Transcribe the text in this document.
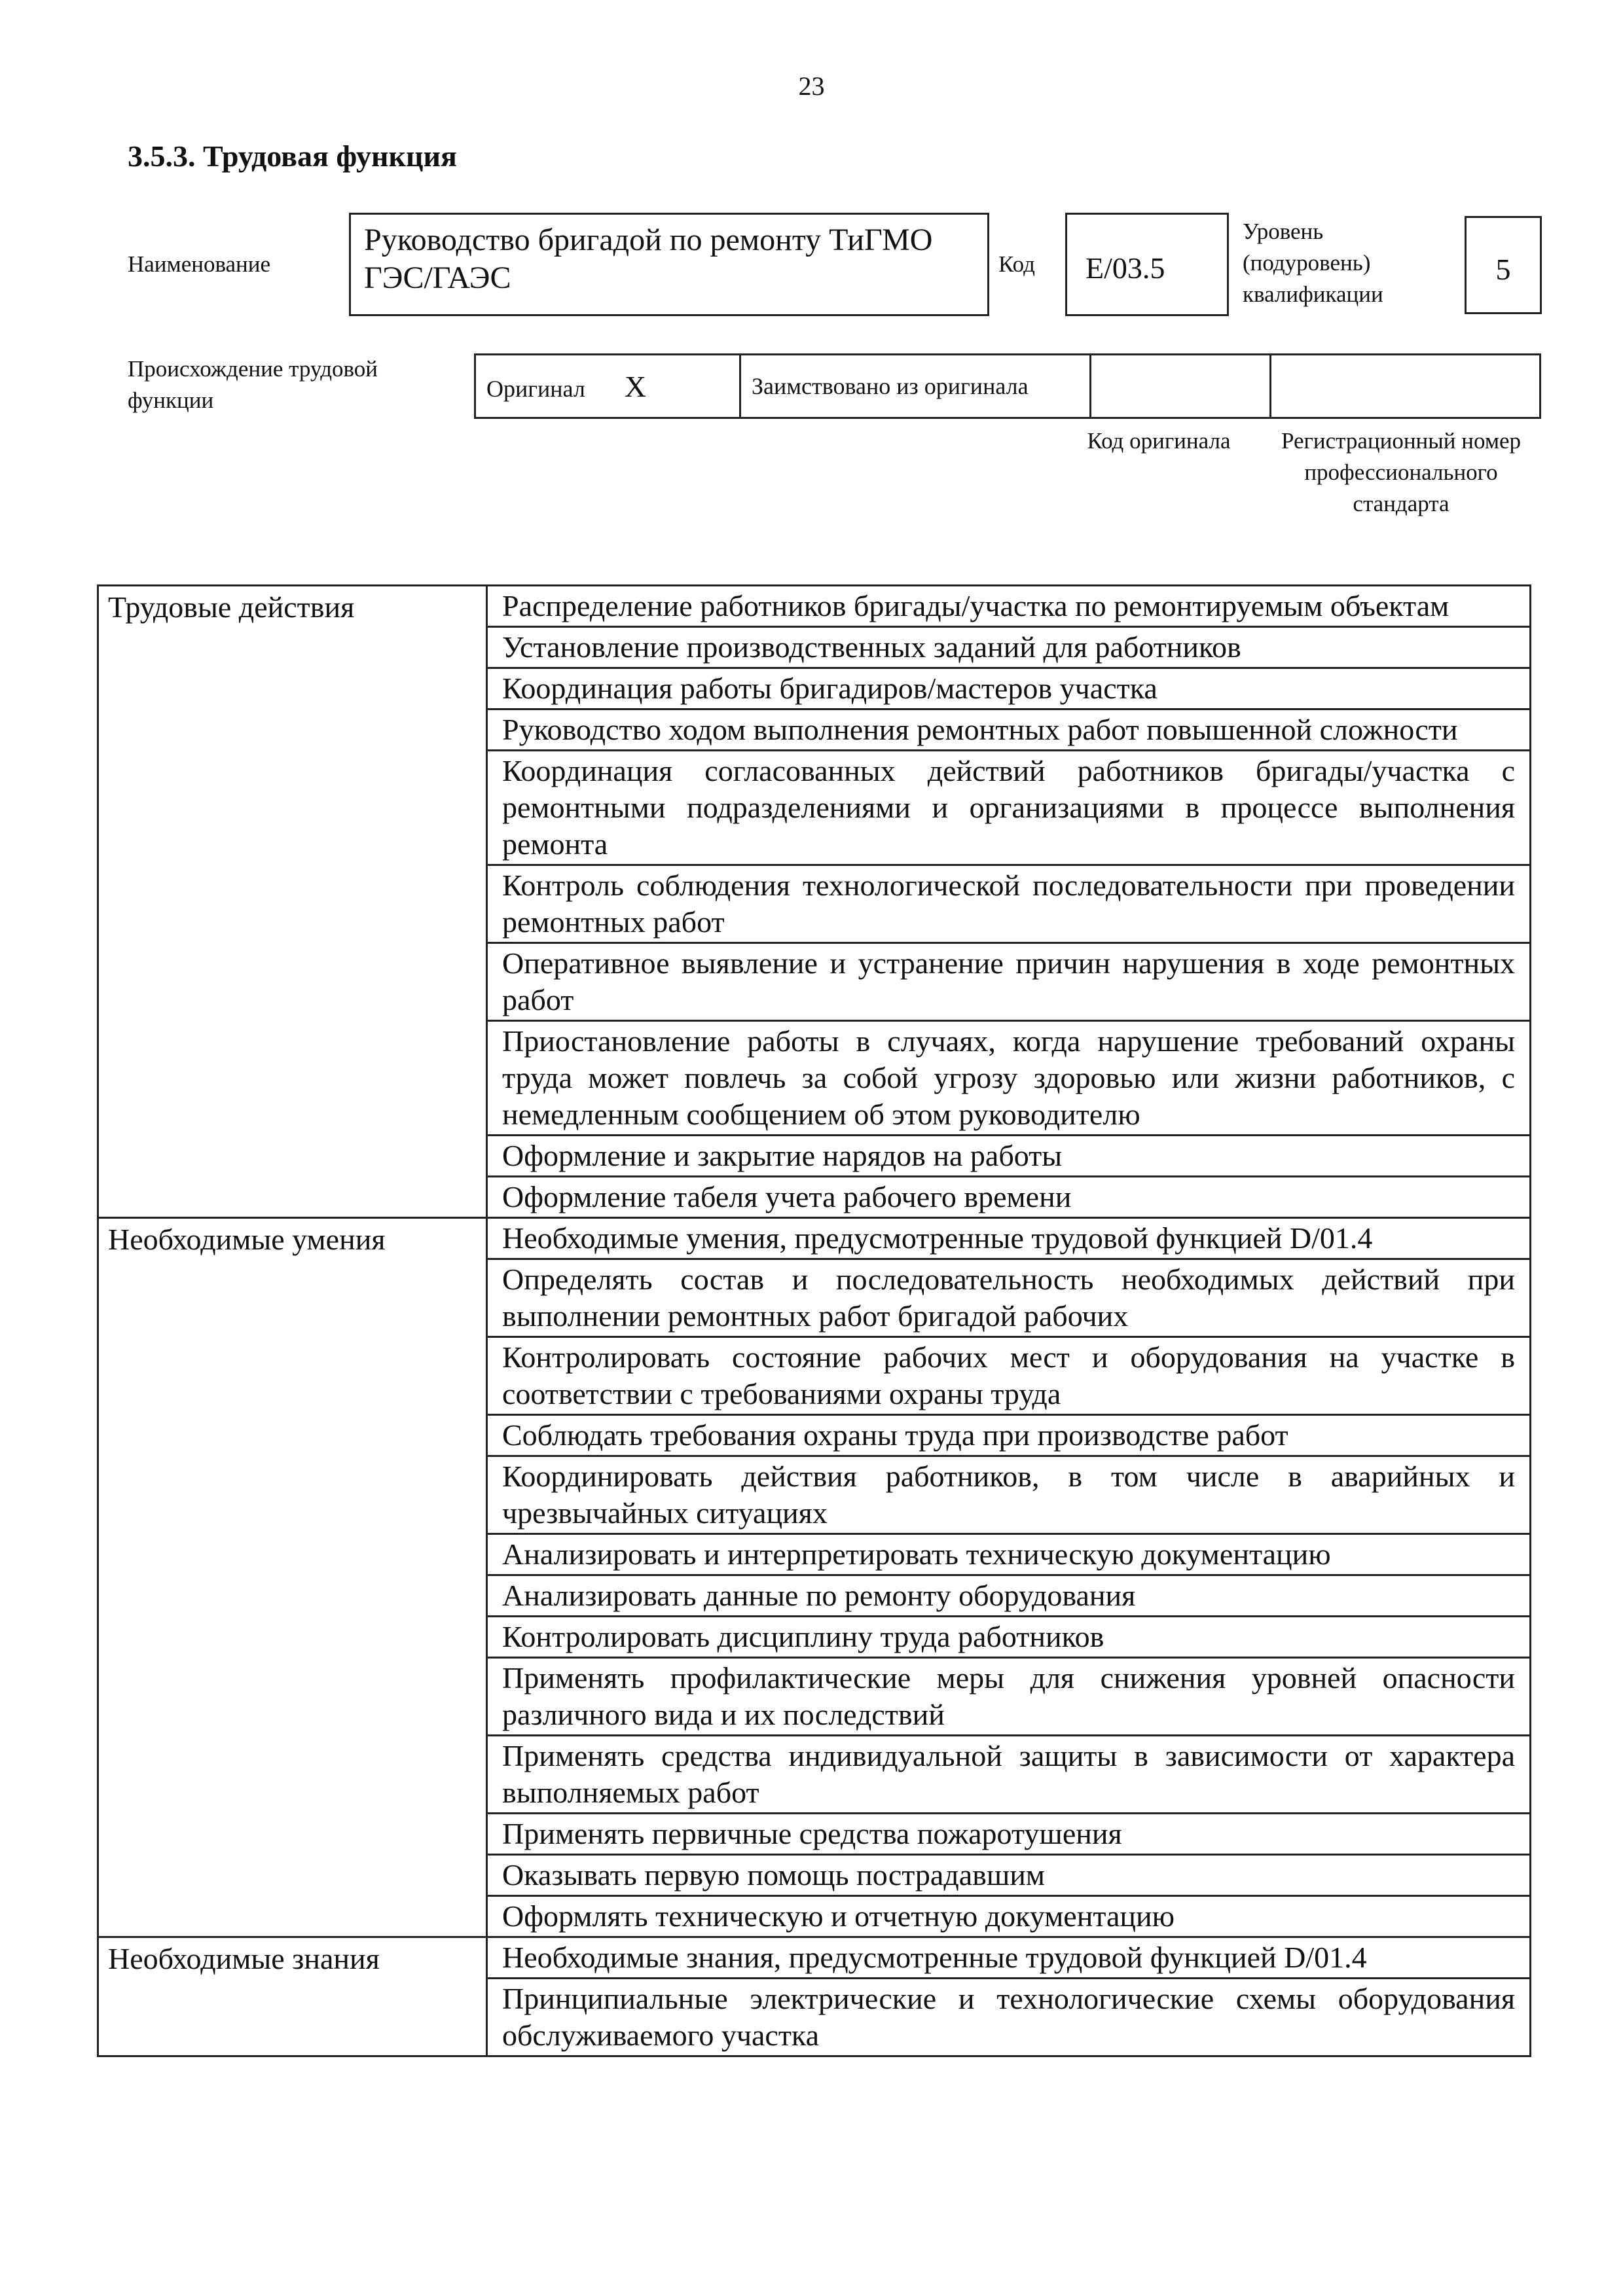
23
3.5.3. Трудовая функция
Наименование
Руководство бригадой по ремонту ТиГМО ГЭС/ГАЭС	Код	E/03.5
Уровень (подуровень) квалификации
5
Происхождение трудовой функции	Оригинал X	Заимствовано из оригинала		
Код оригинала	Регистрационный номер профессионального стандарта
Трудовые действия	Распределение работников бригады/участка по ремонтируемым объектам
	Установление производственных заданий для работников
	Координация работы бригадиров/мастеров участка
	Руководство ходом выполнения ремонтных работ повышенной сложности
	Координация согласованных действий работников бригады/участка с ремонтными подразделениями и организациями в процессе выполнения ремонта
	Контроль соблюдения технологической последовательности при проведении ремонтных работ
	Оперативное выявление и устранение причин нарушения в ходе ремонтных работ
	Приостановление работы в случаях, когда нарушение требований охраны труда может повлечь за собой угрозу здоровью или жизни работников, с немедленным сообщением об этом руководителю
	Оформление и закрытие нарядов на работы
	Оформление табеля учета рабочего времени
Необходимые умения	Необходимые умения, предусмотренные трудовой функцией D/01.4
	Определять состав и последовательность необходимых действий при выполнении ремонтных работ бригадой рабочих
	Контролировать состояние рабочих мест и оборудования на участке в соответствии с требованиями охраны труда
	Соблюдать требования охраны труда при производстве работ
	Координировать действия работников, в том числе в аварийных и чрезвычайных ситуациях
	Анализировать и интерпретировать техническую документацию
	Анализировать данные по ремонту оборудования
	Контролировать дисциплину труда работников
	Применять профилактические меры для снижения уровней опасности различного вида и их последствий
	Применять средства индивидуальной защиты в зависимости от характера выполняемых работ
	Применять первичные средства пожаротушения
	Оказывать первую помощь пострадавшим
	Оформлять техническую и отчетную документацию
Необходимые знания	Необходимые знания, предусмотренные трудовой функцией D/01.4
	Принципиальные электрические и технологические схемы оборудования обслуживаемого участка
